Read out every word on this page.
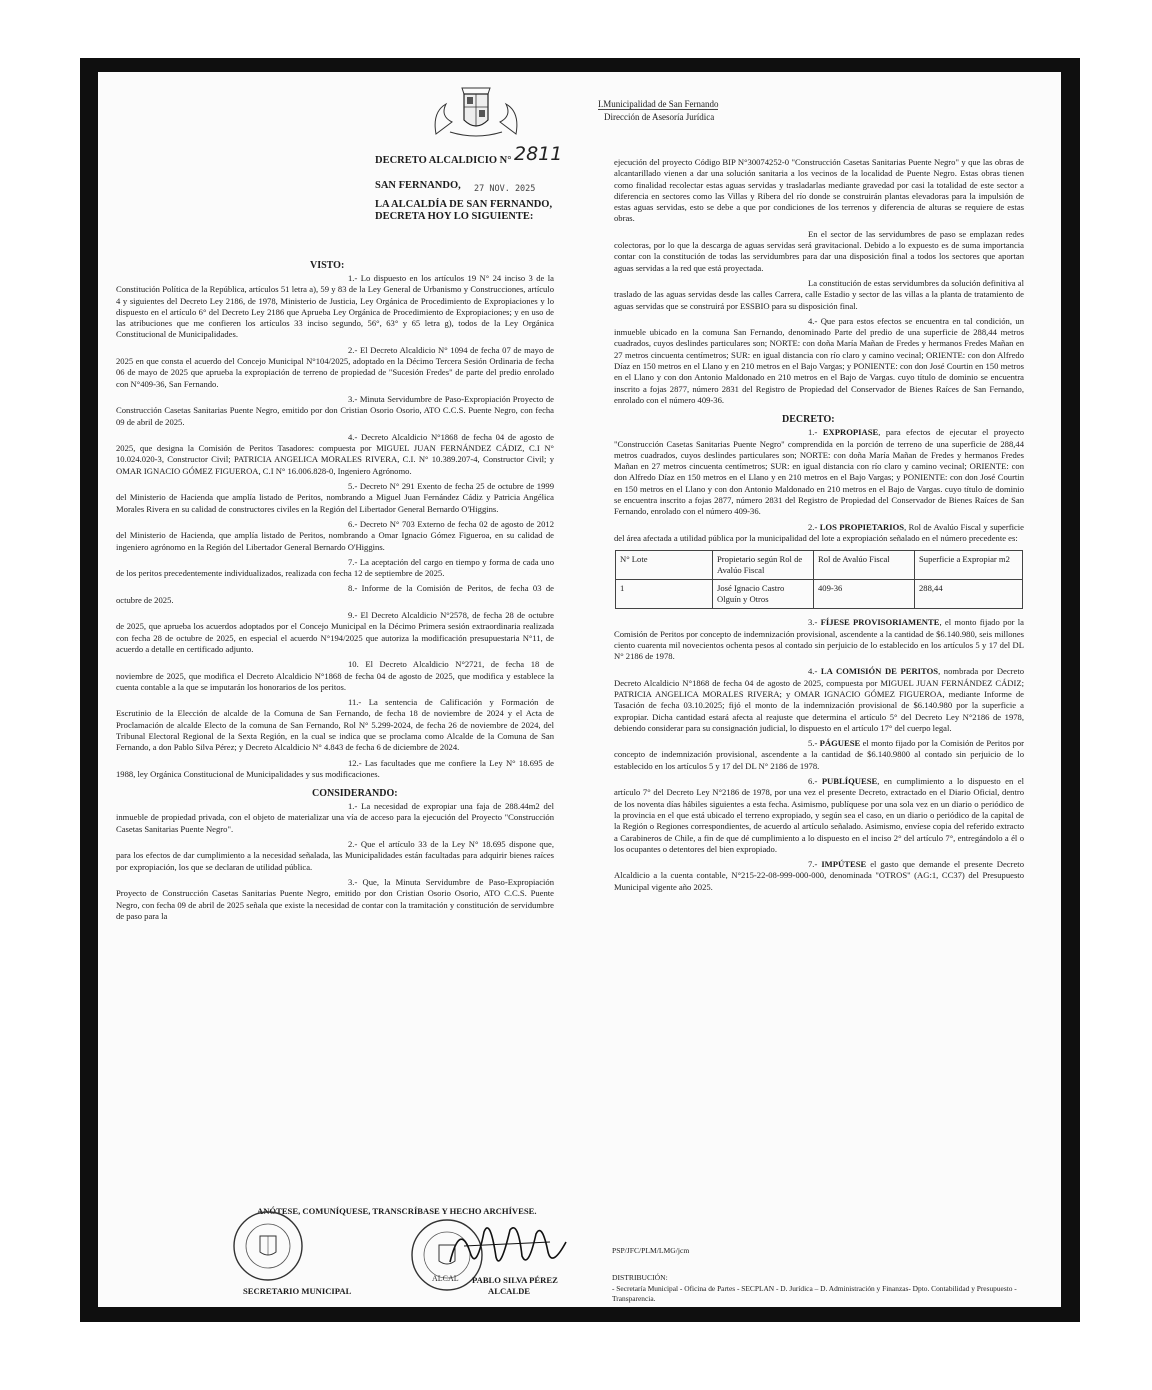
I.Municipalidad de San Fernando
Dirección de Asesoría Jurídica
DECRETO ALCALDICIO N° 2811
SAN FERNANDO, 27 NOV. 2025
LA ALCALDÍA DE SAN FERNANDO, DECRETA HOY LO SIGUIENTE:
VISTO:

1.- Lo dispuesto en los artículos 19 N° 24 inciso 3 de la Constitución Política de la República, artículos 51 letra a), 59 y 83 de la Ley General de Urbanismo y Construcciones, artículo 4 y siguientes del Decreto Ley 2186, de 1978, Ministerio de Justicia, Ley Orgánica de Procedimiento de Expropiaciones y lo dispuesto en el artículo 6° del Decreto Ley 2186 que Aprueba Ley Orgánica de Procedimiento de Expropiaciones; y en uso de las atribuciones que me confieren los artículos 33 inciso segundo, 56°, 63° y 65 letra g), todos de la Ley Orgánica Constitucional de Municipalidades.

2.- El Decreto Alcaldicio N° 1094 de fecha 07 de mayo de 2025 en que consta el acuerdo del Concejo Municipal N°104/2025, adoptado en la Décimo Tercera Sesión Ordinaria de fecha 06 de mayo de 2025 que aprueba la expropiación de terreno de propiedad de "Sucesión Fredes" de parte del predio enrolado con N°409-36, San Fernando.

3.- Minuta Servidumbre de Paso-Expropiación Proyecto de Construcción Casetas Sanitarias Puente Negro, emitido por don Cristian Osorio Osorio, ATO C.C.S. Puente Negro, con fecha 09 de abril de 2025.

4.- Decreto Alcaldicio N°1868 de fecha 04 de agosto de 2025, que designa la Comisión de Peritos Tasadores: compuesta por MIGUEL JUAN FERNÁNDEZ CÁDIZ, C.I N° 10.024.020-3, Constructor Civil; PATRICIA ANGELICA MORALES RIVERA, C.I. N° 10.389.207-4, Constructor Civil; y OMAR IGNACIO GÓMEZ FIGUEROA, C.I N° 16.006.828-0, Ingeniero Agrónomo.

5.- Decreto N° 291 Exento de fecha 25 de octubre de 1999 del Ministerio de Hacienda que amplía listado de Peritos, nombrando a Miguel Juan Fernández Cádiz y Patricia Angélica Morales Rivera en su calidad de constructores civiles en la Región del Libertador General Bernardo O'Higgins.

6.- Decreto N° 703 Externo de fecha 02 de agosto de 2012 del Ministerio de Hacienda, que amplía listado de Peritos, nombrando a Omar Ignacio Gómez Figueroa, en su calidad de ingeniero agrónomo en la Región del Libertador General Bernardo O'Higgins.

7.- La aceptación del cargo en tiempo y forma de cada uno de los peritos precedentemente individualizados, realizada con fecha 12 de septiembre de 2025.

8.- Informe de la Comisión de Peritos, de fecha 03 de octubre de 2025.

9.- El Decreto Alcaldicio N°2578, de fecha 28 de octubre de 2025, que aprueba los acuerdos adoptados por el Concejo Municipal en la Décimo Primera sesión extraordinaria realizada con fecha 28 de octubre de 2025, en especial el acuerdo N°194/2025 que autoriza la modificación presupuestaria N°11, de acuerdo a detalle en certificado adjunto.

10. El Decreto Alcaldicio N°2721, de fecha 18 de noviembre de 2025, que modifica el Decreto Alcaldicio N°1868 de fecha 04 de agosto de 2025, que modifica y establece la cuenta contable a la que se imputarán los honorarios de los peritos.

11.- La sentencia de Calificación y Formación de Escrutinio de la Elección de alcalde de la Comuna de San Fernando, de fecha 18 de noviembre de 2024 y el Acta de Proclamación de alcalde Electo de la comuna de San Fernando, Rol N° 5.299-2024, de fecha 26 de noviembre de 2024, del Tribunal Electoral Regional de la Sexta Región, en la cual se indica que se proclama como Alcalde de la Comuna de San Fernando, a don Pablo Silva Pérez; y Decreto Alcaldicio N° 4.843 de fecha 6 de diciembre de 2024.

12.- Las facultades que me confiere la Ley N° 18.695 de 1988, ley Orgánica Constitucional de Municipalidades y sus modificaciones.

CONSIDERANDO:

1.- La necesidad de expropiar una faja de 288.44m2 del inmueble de propiedad privada, con el objeto de materializar una vía de acceso para la ejecución del Proyecto "Construcción Casetas Sanitarias Puente Negro".

2.- Que el artículo 33 de la Ley N° 18.695 dispone que, para los efectos de dar cumplimiento a la necesidad señalada, las Municipalidades están facultadas para adquirir bienes raíces por expropiación, los que se declaran de utilidad pública.

3.- Que, la Minuta Servidumbre de Paso-Expropiación Proyecto de Construcción Casetas Sanitarias Puente Negro, emitido por don Cristian Osorio Osorio, ATO C.C.S. Puente Negro, con fecha 09 de abril de 2025 señala que existe la necesidad de contar con la tramitación y constitución de servidumbre de paso para la

ejecución del proyecto Código BIP N°30074252-0 "Construcción Casetas Sanitarias Puente Negro" y que las obras de alcantarillado vienen a dar una solución sanitaria a los vecinos de la localidad de Puente Negro. Estas obras tienen como finalidad recolectar estas aguas servidas y trasladarlas mediante gravedad por casi la totalidad de este sector a diferencia en sectores como las Villas y Ribera del río donde se construirán plantas elevadoras para la impulsión de estas aguas servidas, esto se debe a que por condiciones de los terrenos y diferencia de alturas se requiere de estas obras.

En el sector de las servidumbres de paso se emplazan redes colectoras, por lo que la descarga de aguas servidas será gravitacional. Debido a lo expuesto es de suma importancia contar con la constitución de todas las servidumbres para dar una disposición final a todos los sectores que aportan aguas servidas a la red que está proyectada.

La constitución de estas servidumbres da solución definitiva al traslado de las aguas servidas desde las calles Carrera, calle Estadio y sector de las villas a la planta de tratamiento de aguas servidas que se construirá por ESSBIO para su disposición final.

4.- Que para estos efectos se encuentra en tal condición, un inmueble ubicado en la comuna San Fernando, denominado Parte del predio de una superficie de 288,44 metros cuadrados, cuyos deslindes particulares son; NORTE: con doña María Mañan de Fredes y hermanos Fredes Mañan en 27 metros cincuenta centímetros; SUR: en igual distancia con río claro y camino vecinal; ORIENTE: con don Alfredo Díaz en 150 metros en el Llano y en 210 metros en el Bajo Vargas; y PONIENTE: con don José Courtin en 150 metros en el Llano y con don Antonio Maldonado en 210 metros en el Bajo de Vargas. cuyo título de dominio se encuentra inscrito a fojas 2877, número 2831 del Registro de Propiedad del Conservador de Bienes Raíces de San Fernando, enrolado con el número 409-36.

DECRETO:

1.- EXPROPIASE, para efectos de ejecutar el proyecto "Construcción Casetas Sanitarias Puente Negro" comprendida en la porción de terreno de una superficie de 288,44 metros cuadrados, cuyos deslindes particulares son; NORTE: con doña María Mañan de Fredes y hermanos Fredes Mañan en 27 metros cincuenta centímetros; SUR: en igual distancia con río claro y camino vecinal; ORIENTE: con don Alfredo Díaz en 150 metros en el Llano y en 210 metros en el Bajo Vargas; y PONIENTE: con don José Courtin en 150 metros en el Llano y con don Antonio Maldonado en 210 metros en el Bajo de Vargas. cuyo título de dominio se encuentra inscrito a fojas 2877, número 2831 del Registro de Propiedad del Conservador de Bienes Raíces de San Fernando, enrolado con el número 409-36.

2.- LOS PROPIETARIOS, Rol de Avalúo Fiscal y superficie del área afectada a utilidad pública por la municipalidad del lote a expropiación señalado en el número precedente es:

N° Lote	Propietario según Rol de Avalúo Fiscal	Rol de Avalúo Fiscal	Superficie a Expropiar m2
1	José Ignacio Castro Olguín y Otros	409-36	288,44

3.- FÍJESE PROVISORIAMENTE, el monto fijado por la Comisión de Peritos por concepto de indemnización provisional, ascendente a la cantidad de $6.140.980, seis millones ciento cuarenta mil novecientos ochenta pesos al contado sin perjuicio de lo establecido en los artículos 5 y 17 del DL N° 2186 de 1978.

4.- LA COMISIÓN DE PERITOS, nombrada por Decreto Decreto Alcaldicio N°1868 de fecha 04 de agosto de 2025, compuesta por MIGUEL JUAN FERNÁNDEZ CÁDIZ; PATRICIA ANGELICA MORALES RIVERA; y OMAR IGNACIO GÓMEZ FIGUEROA, mediante Informe de Tasación de fecha 03.10.2025; fijó el monto de la indemnización provisional de $6.140.980 por la superficie a expropiar. Dicha cantidad estará afecta al reajuste que determina el artículo 5° del Decreto Ley N°2186 de 1978, debiendo considerar para su consignación judicial, lo dispuesto en el artículo 17° del cuerpo legal.

5.- PÁGUESE el monto fijado por la Comisión de Peritos por concepto de indemnización provisional, ascendente a la cantidad de $6.140.9800 al contado sin perjuicio de lo establecido en los artículos 5 y 17 del DL N° 2186 de 1978.

6.- PUBLÍQUESE, en cumplimiento a lo dispuesto en el artículo 7° del Decreto Ley N°2186 de 1978, por una vez el presente Decreto, extractado en el Diario Oficial, dentro de los noventa días hábiles siguientes a esta fecha. Asimismo, publíquese por una sola vez en un diario o periódico de la provincia en el que está ubicado el terreno expropiado, y según sea el caso, en un diario o periódico de la capital de la Región o Regiones correspondientes, de acuerdo al artículo señalado. Asimismo, envíese copia del referido extracto a Carabineros de Chile, a fin de que dé cumplimiento a lo dispuesto en el inciso 2° del artículo 7°, entregándolo a él o los ocupantes o detentores del bien expropiado.

7.- IMPÚTESE el gasto que demande el presente Decreto Alcaldicio a la cuenta contable, N°215-22-08-999-000-000, denominada "OTROS" (AG:1, CC37) del Presupuesto Municipal vigente año 2025.

ANÓTESE, COMUNÍQUESE, TRANSCRÍBASE Y HECHO ARCHÍVESE.
SECRETARIO MUNICIPAL
ALCAL PABLO SILVA PÉREZ
ALCALDE
PSP/JFC/PLM/LMG/jcm
DISTRIBUCIÓN:
- Secretaría Municipal - Oficina de Partes - SECPLAN - D. Jurídica – D. Administración y Finanzas- Dpto. Contabilidad y Presupuesto - Transparencia.
